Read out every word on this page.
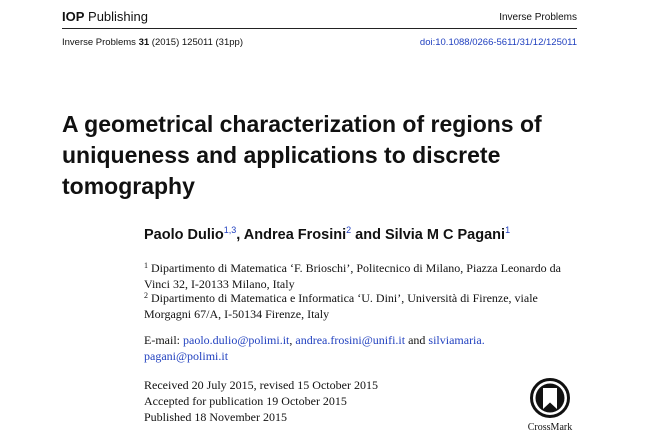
IOP Publishing	Inverse Problems
Inverse Problems 31 (2015) 125011 (31pp)	doi:10.1088/0266-5611/31/12/125011
A geometrical characterization of regions of
uniqueness and applications to discrete
tomography
Paolo Dulio$^{1,3}$, Andrea Frosini$^2$ and Silvia M C Pagani$^1$
$^1$ Dipartimento di Matematica ‘F. Brioschi’, Politecnico di Milano, Piazza Leonardo da Vinci 32, I-20133 Milano, Italy
$^2$ Dipartimento di Matematica e Informatica ‘U. Dini’, Università di Firenze, viale Morgagni 67/A, I-50134 Firenze, Italy
E-mail: paolo.dulio@polimi.it, andrea.frosini@unifi.it and silviamaria.
pagani@polimi.it
Received 20 July 2015, revised 15 October 2015
Accepted for publication 19 October 2015
Published 18 November 2015
CrossMark
